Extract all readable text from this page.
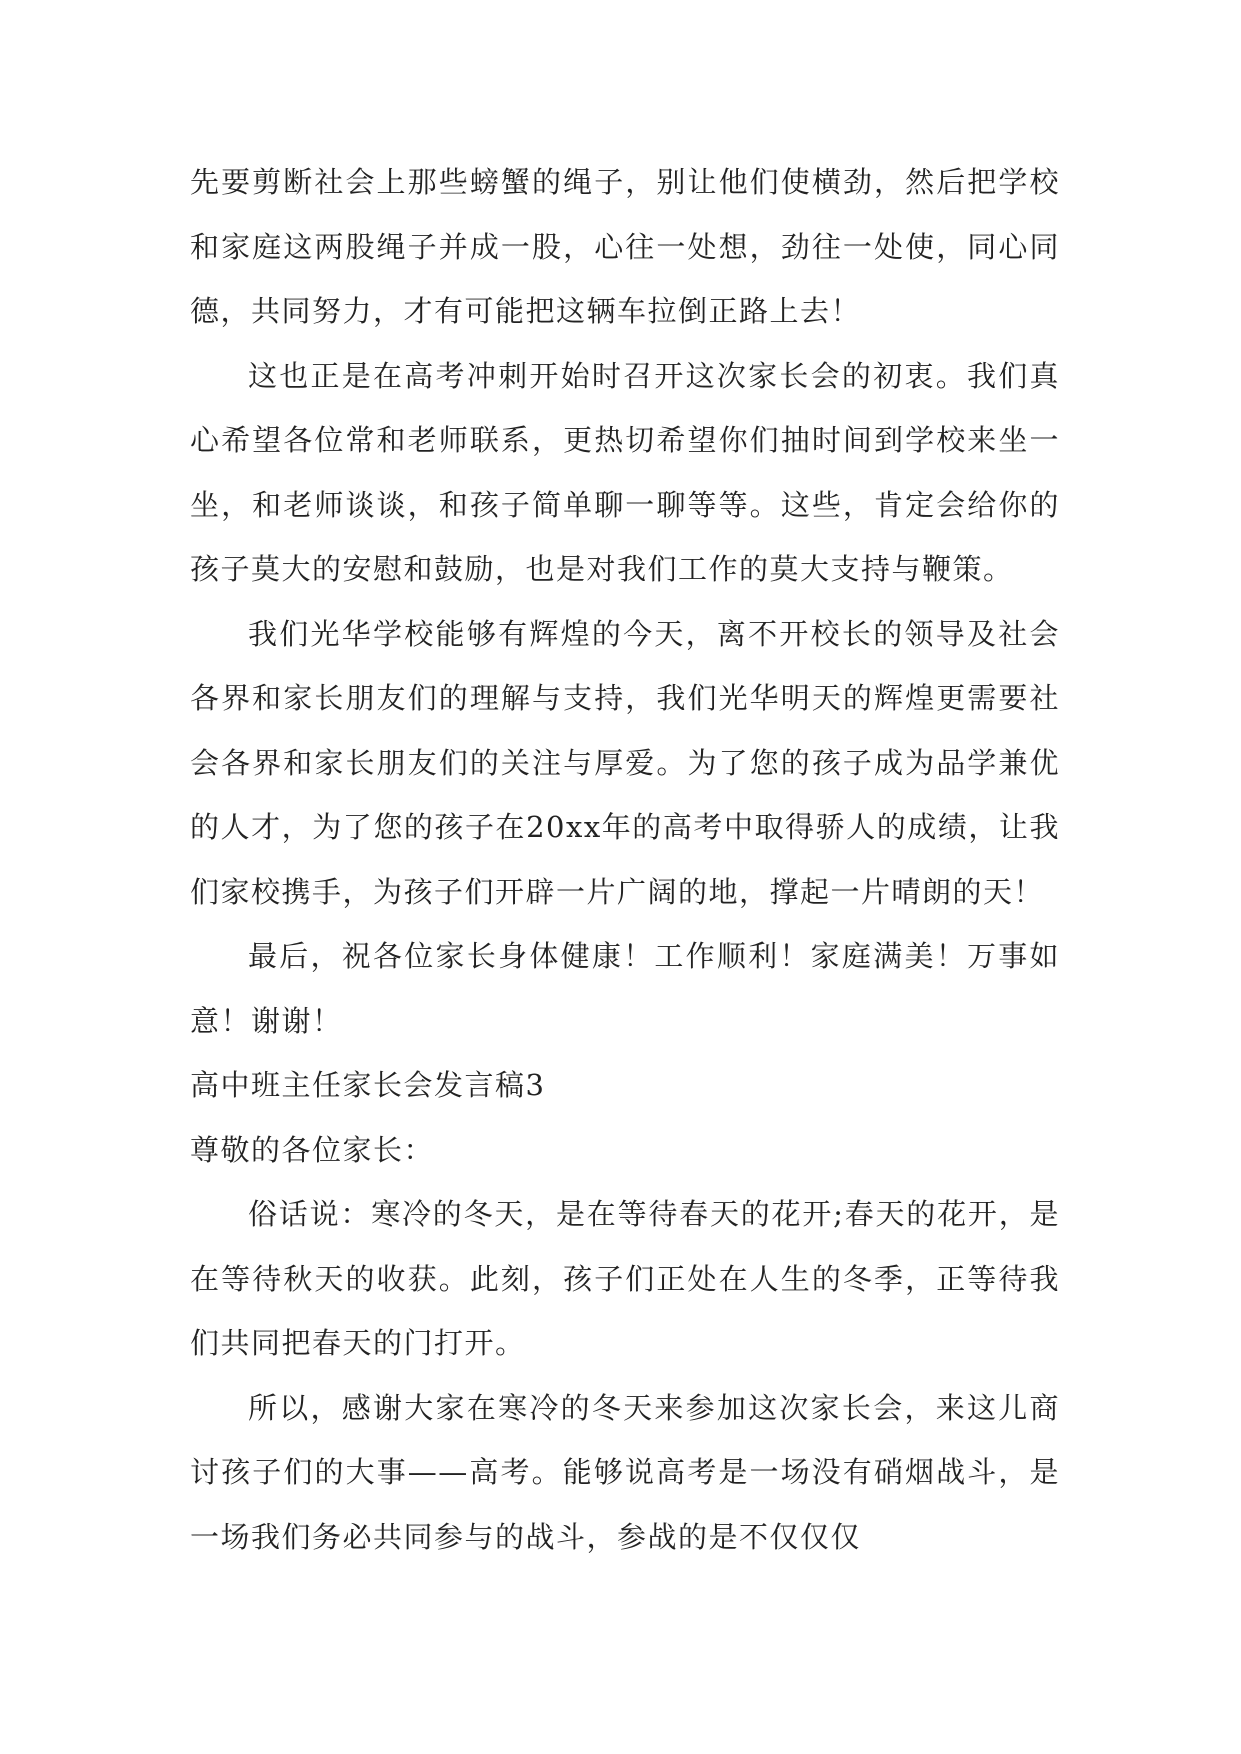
先要剪断社会上那些螃蟹的绳子，别让他们使横劲，然后把学校和家庭这两股绳子并成一股，心往一处想，劲往一处使，同心同德，共同努力，才有可能把这辆车拉倒正路上去！

这也正是在高考冲刺开始时召开这次家长会的初衷。我们真心希望各位常和老师联系，更热切希望你们抽时间到学校来坐一坐，和老师谈谈，和孩子简单聊一聊等等。这些，肯定会给你的孩子莫大的安慰和鼓励，也是对我们工作的莫大支持与鞭策。

我们光华学校能够有辉煌的今天，离不开校长的领导及社会各界和家长朋友们的理解与支持，我们光华明天的辉煌更需要社会各界和家长朋友们的关注与厚爱。为了您的孩子成为品学兼优的人才，为了您的孩子在20xx年的高考中取得骄人的成绩，让我们家校携手，为孩子们开辟一片广阔的地，撑起一片晴朗的天！

最后，祝各位家长身体健康！工作顺利！家庭满美！万事如意！谢谢！

高中班主任家长会发言稿3

尊敬的各位家长：

俗话说：寒冷的冬天，是在等待春天的花开;春天的花开，是在等待秋天的收获。此刻，孩子们正处在人生的冬季，正等待我们共同把春天的门打开。

所以，感谢大家在寒冷的冬天来参加这次家长会，来这儿商讨孩子们的大事——高考。能够说高考是一场没有硝烟战斗，是一场我们务必共同参与的战斗，参战的是不仅仅仅
